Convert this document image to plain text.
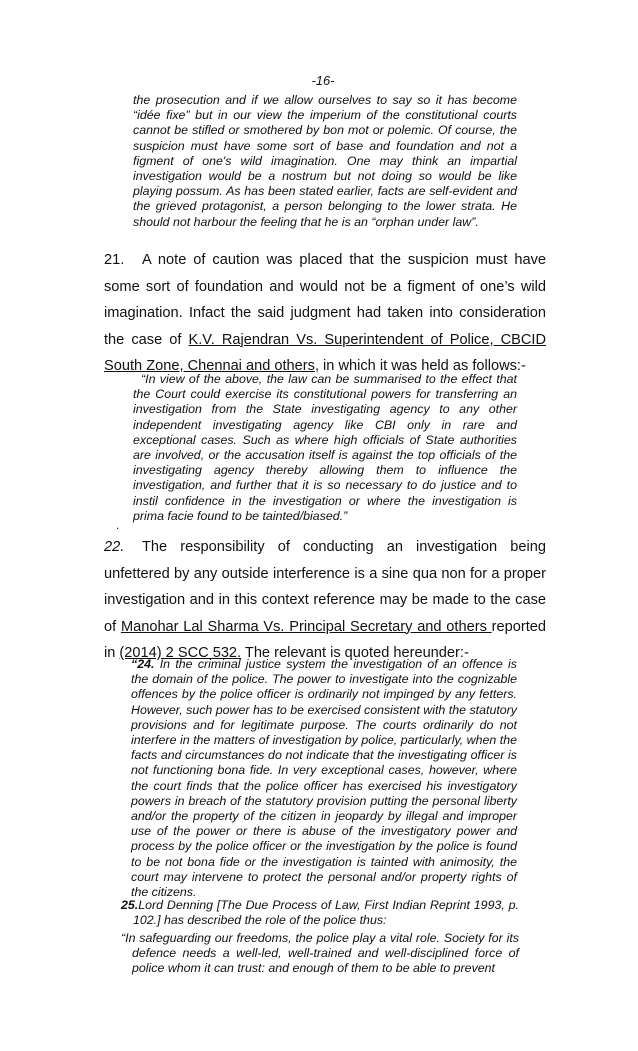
-16-

the prosecution and if we allow ourselves to say so it has become “idée fixe” but in our view the imperium of the constitutional courts cannot be stifled or smothered by bon mot or polemic. Of course, the suspicion must have some sort of base and foundation and not a figment of one's wild imagination. One may think an impartial investigation would be a nostrum but not doing so would be like playing possum. As has been stated earlier, facts are self-evident and the grieved protagonist, a person belonging to the lower strata. He should not harbour the feeling that he is an “orphan under law”.

21. A note of caution was placed that the suspicion must have some sort of foundation and would not be a figment of one’s wild imagination. Infact the said judgment had taken into consideration the case of K.V. Rajendran Vs. Superintendent of Police, CBCID South Zone, Chennai and others, in which it was held as follows:-

“In view of the above, the law can be summarised to the effect that the Court could exercise its constitutional powers for transferring an investigation from the State investigating agency to any other independent investigating agency like CBI only in rare and exceptional cases. Such as where high officials of State authorities are involved, or the accusation itself is against the top officials of the investigating agency thereby allowing them to influence the investigation, and further that it is so necessary to do justice and to instil confidence in the investigation or where the investigation is prima facie found to be tainted/biased.”

.

22. The responsibility of conducting an investigation being unfettered by any outside interference is a sine qua non for a proper investigation and in this context reference may be made to the case of Manohar Lal Sharma Vs. Principal Secretary and others reported in (2014) 2 SCC 532. The relevant is quoted hereunder:-

“24. In the criminal justice system the investigation of an offence is the domain of the police. The power to investigate into the cognizable offences by the police officer is ordinarily not impinged by any fetters. However, such power has to be exercised consistent with the statutory provisions and for legitimate purpose. The courts ordinarily do not interfere in the matters of investigation by police, particularly, when the facts and circumstances do not indicate that the investigating officer is not functioning bona fide. In very exceptional cases, however, where the court finds that the police officer has exercised his investigatory powers in breach of the statutory provision putting the personal liberty and/or the property of the citizen in jeopardy by illegal and improper use of the power or there is abuse of the investigatory power and process by the police officer or the investigation by the police is found to be not bona fide or the investigation is tainted with animosity, the court may intervene to protect the personal and/or property rights of the citizens.

25.Lord Denning [The Due Process of Law, First Indian Reprint 1993, p. 102.] has described the role of the police thus:

“In safeguarding our freedoms, the police play a vital role. Society for its defence needs a well-led, well-trained and well-disciplined force of police whom it can trust: and enough of them to be able to prevent
